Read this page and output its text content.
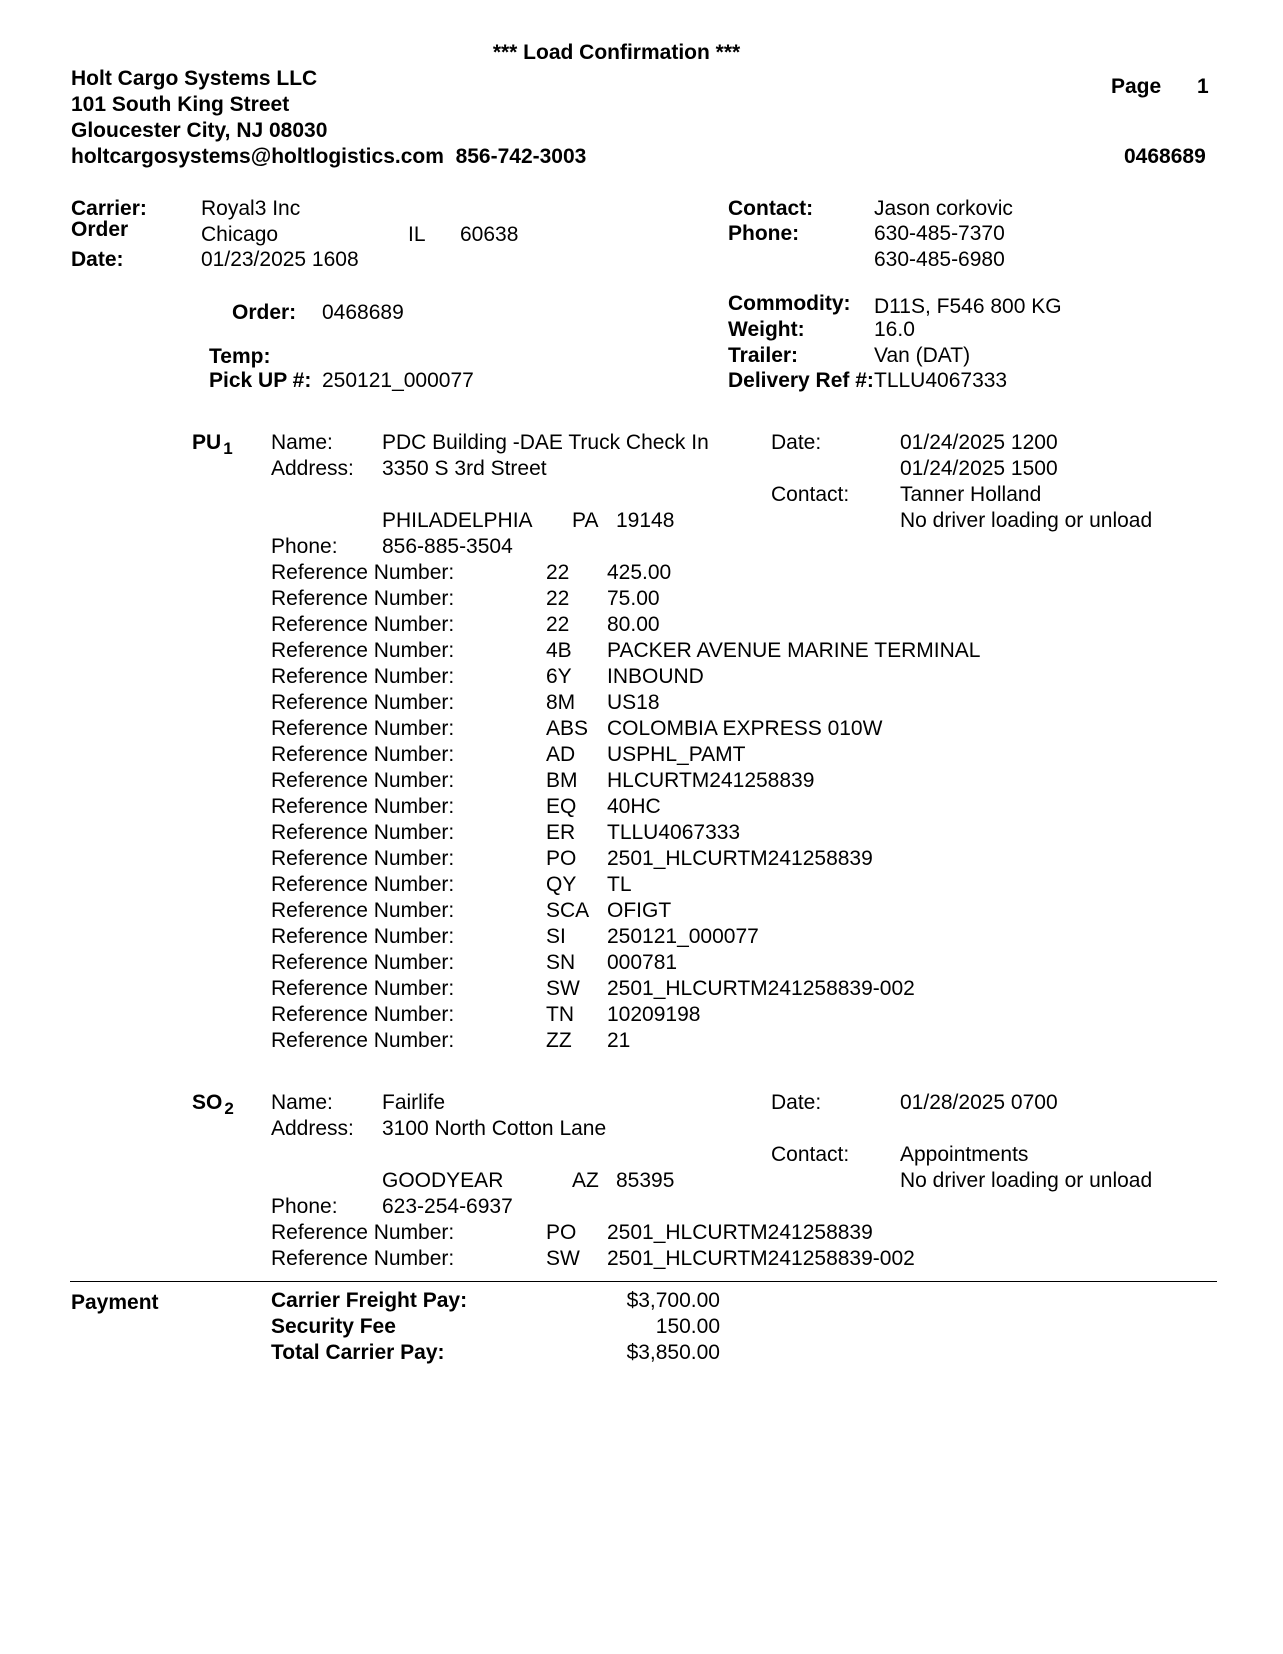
*** Load Confirmation ***
Holt Cargo Systems LLC
101 South King Street
Gloucester City, NJ 08030
holtcargosystems@holtlogistics.com  856-742-3003
Page 1
0468689
Carrier:	Royal3 Inc
Order	Chicago	IL 60638
Date:	01/23/2025 1608
Contact:	Jason corkovic
Phone:	630-485-7370
630-485-6980
Order: 0468689	Commodity: D11S, F546 800 KG
Weight:	16.0
Temp:	Trailer:	Van (DAT)
Pick UP #: 250121_000077	Delivery Ref #: TLLU4067333
PU $_1$ Name: PDC Building -DAE Truck Check In
Address: 3350 S 3rd Street
PHILADELPHIA PA 19148
Phone: 856-885-3504
Date:	01/24/2025 1200
01/24/2025 1500
Contact: Tanner Holland
No driver loading or unload
Reference Number:	22 425.00
Reference Number:	22 75.00
Reference Number:	22 80.00
Reference Number:	4B PACKER AVENUE MARINE TERMINAL
Reference Number:	6Y INBOUND
Reference Number:	8M US18
Reference Number:	ABS COLOMBIA EXPRESS 010W
Reference Number:	AD USPHL_PAMT
Reference Number:	BM HLCURTM241258839
Reference Number:	EQ 40HC
Reference Number:	ER TLLU4067333
Reference Number:	PO 2501_HLCURTM241258839
Reference Number:	QY TL
Reference Number:	SCA OFIGT
Reference Number:	SI 250121_000077
Reference Number:	SN 000781
Reference Number:	SW 2501_HLCURTM241258839-002
Reference Number:	TN 10209198
Reference Number:	ZZ 21
SO $_2$ Name: Fairlife
Address: 3100 North Cotton Lane
GOODYEAR	AZ 85395
Phone: 623-254-6937
Date:	01/28/2025 0700
Contact: Appointments
No driver loading or unload
Reference Number:	PO 2501_HLCURTM241258839
Reference Number:	SW 2501_HLCURTM241258839-002
Payment	Carrier Freight Pay:	$3,700.00
Security Fee	150.00
Total Carrier Pay:	$3,850.00
